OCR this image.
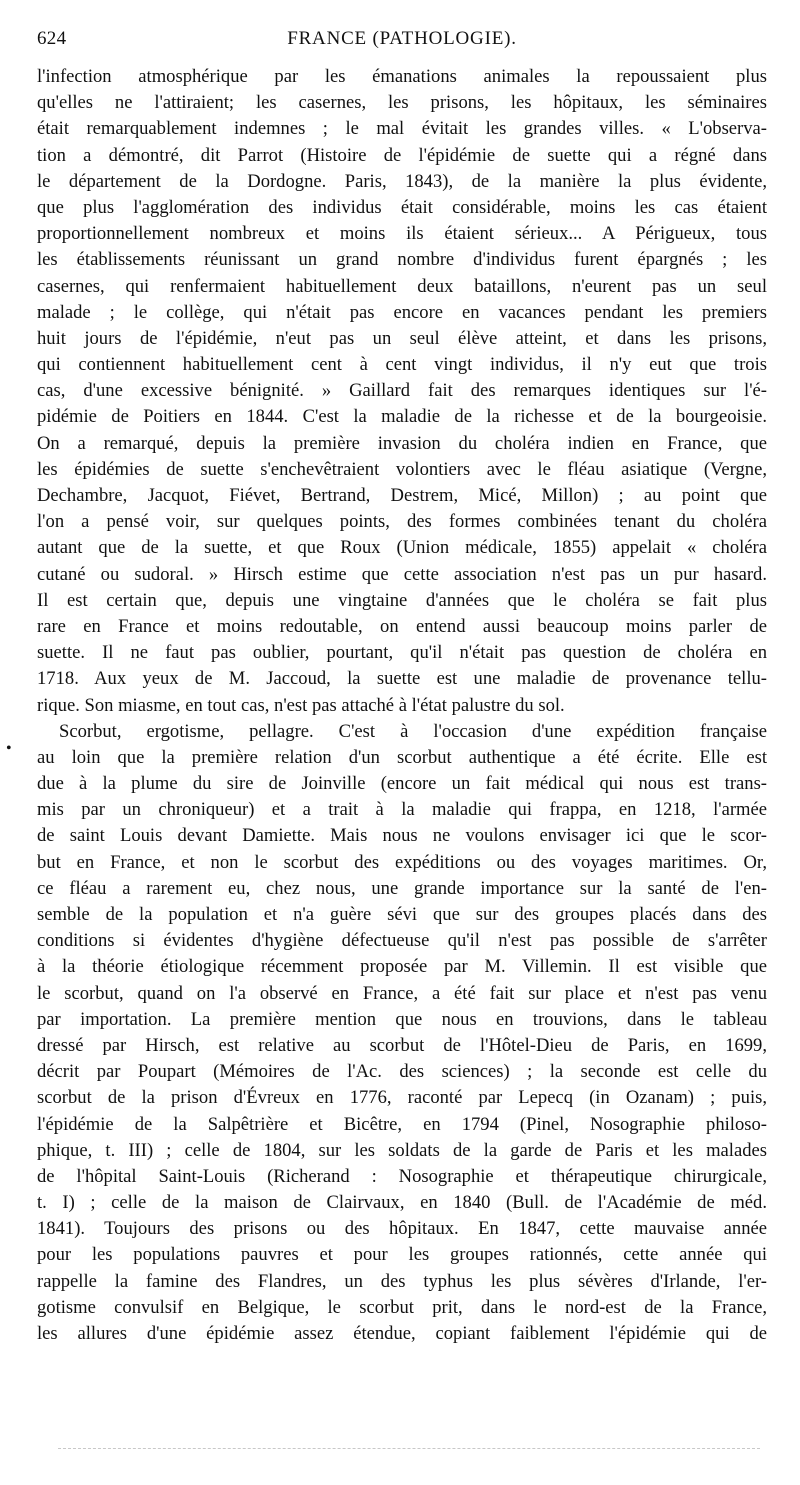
624	FRANCE (PATHOLOGIE).
•
l'infection atmosphérique par les émanations animales la repoussaient plus
qu'elles ne l'attiraient; les casernes, les prisons, les hôpitaux, les séminaires
était remarquablement indemnes ; le mal évitait les grandes villes. « L'observa-
tion a démontré, dit Parrot (Histoire de l'épidémie de suette qui a régné dans
le département de la Dordogne. Paris, 1843), de la manière la plus évidente,
que plus l'agglomération des individus était considérable, moins les cas étaient
proportionnellement nombreux et moins ils étaient sérieux... A Périgueux, tous
les établissements réunissant un grand nombre d'individus furent épargnés ; les
casernes, qui renfermaient habituellement deux bataillons, n'eurent pas un seul
malade ; le collège, qui n'était pas encore en vacances pendant les premiers
huit jours de l'épidémie, n'eut pas un seul élève atteint, et dans les prisons,
qui contiennent habituellement cent à cent vingt individus, il n'y eut que trois
cas, d'une excessive bénignité. » Gaillard fait des remarques identiques sur l'é-
pidémie de Poitiers en 1844. C'est la maladie de la richesse et de la bourgeoisie.
On a remarqué, depuis la première invasion du choléra indien en France, que
les épidémies de suette s'enchevêtraient volontiers avec le fléau asiatique (Vergne,
Dechambre, Jacquot, Fiévet, Bertrand, Destrem, Micé, Millon) ; au point que
l'on a pensé voir, sur quelques points, des formes combinées tenant du choléra
autant que de la suette, et que Roux (Union médicale, 1855) appelait « choléra
cutané ou sudoral. » Hirsch estime que cette association n'est pas un pur hasard.
Il est certain que, depuis une vingtaine d'années que le choléra se fait plus
rare en France et moins redoutable, on entend aussi beaucoup moins parler de
suette. Il ne faut pas oublier, pourtant, qu'il n'était pas question de choléra en
1718. Aux yeux de M. Jaccoud, la suette est une maladie de provenance tellu-
rique. Son miasme, en tout cas, n'est pas attaché à l'état palustre du sol.
Scorbut, ergotisme, pellagre. C'est à l'occasion d'une expédition française
au loin que la première relation d'un scorbut authentique a été écrite. Elle est
due à la plume du sire de Joinville (encore un fait médical qui nous est trans-
mis par un chroniqueur) et a trait à la maladie qui frappa, en 1218, l'armée
de saint Louis devant Damiette. Mais nous ne voulons envisager ici que le scor-
but en France, et non le scorbut des expéditions ou des voyages maritimes. Or,
ce fléau a rarement eu, chez nous, une grande importance sur la santé de l'en-
semble de la population et n'a guère sévi que sur des groupes placés dans des
conditions si évidentes d'hygiène défectueuse qu'il n'est pas possible de s'arrêter
à la théorie étiologique récemment proposée par M. Villemin. Il est visible que
le scorbut, quand on l'a observé en France, a été fait sur place et n'est pas venu
par importation. La première mention que nous en trouvions, dans le tableau
dressé par Hirsch, est relative au scorbut de l'Hôtel-Dieu de Paris, en 1699,
décrit par Poupart (Mémoires de l'Ac. des sciences) ; la seconde est celle du
scorbut de la prison d'Évreux en 1776, raconté par Lepecq (in Ozanam) ; puis,
l'épidémie de la Salpêtrière et Bicêtre, en 1794 (Pinel, Nosographie philoso-
phique, t. III) ; celle de 1804, sur les soldats de la garde de Paris et les malades
de l'hôpital Saint-Louis (Richerand : Nosographie et thérapeutique chirurgicale,
t. I) ; celle de la maison de Clairvaux, en 1840 (Bull. de l'Académie de méd.
1841). Toujours des prisons ou des hôpitaux. En 1847, cette mauvaise année
pour les populations pauvres et pour les groupes rationnés, cette année qui
rappelle la famine des Flandres, un des typhus les plus sévères d'Irlande, l'er-
gotisme convulsif en Belgique, le scorbut prit, dans le nord-est de la France,
les allures d'une épidémie assez étendue, copiant faiblement l'épidémie qui de
